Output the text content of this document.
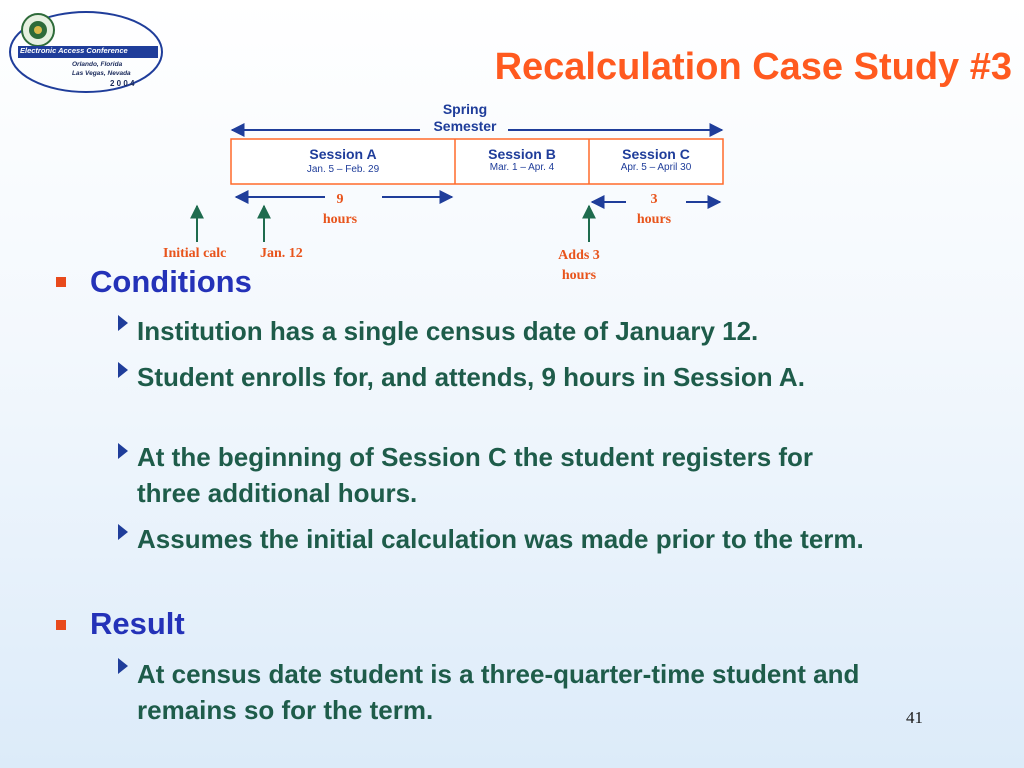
Electronic Access Conference
Orlando, Florida
Las Vegas, Nevada
2 0 0 4	Recalculation Case Study #3
Spring
Semester
Session A
Jan. 5 – Feb. 29
Session B
Mar. 1 – Apr. 4
Session C
Apr. 5 – April 30
9
hours
3
hours
Initial calc Jan. 12	Adds 3
hours
Conditions
Institution has a single census date of January 12.
Student enrolls for, and attends, 9 hours in Session A.
At the beginning of Session C the student registers for three additional hours.
Assumes the initial calculation was made prior to the term.
Result
At census date student is a three-quarter-time student and remains so for the term.	41
